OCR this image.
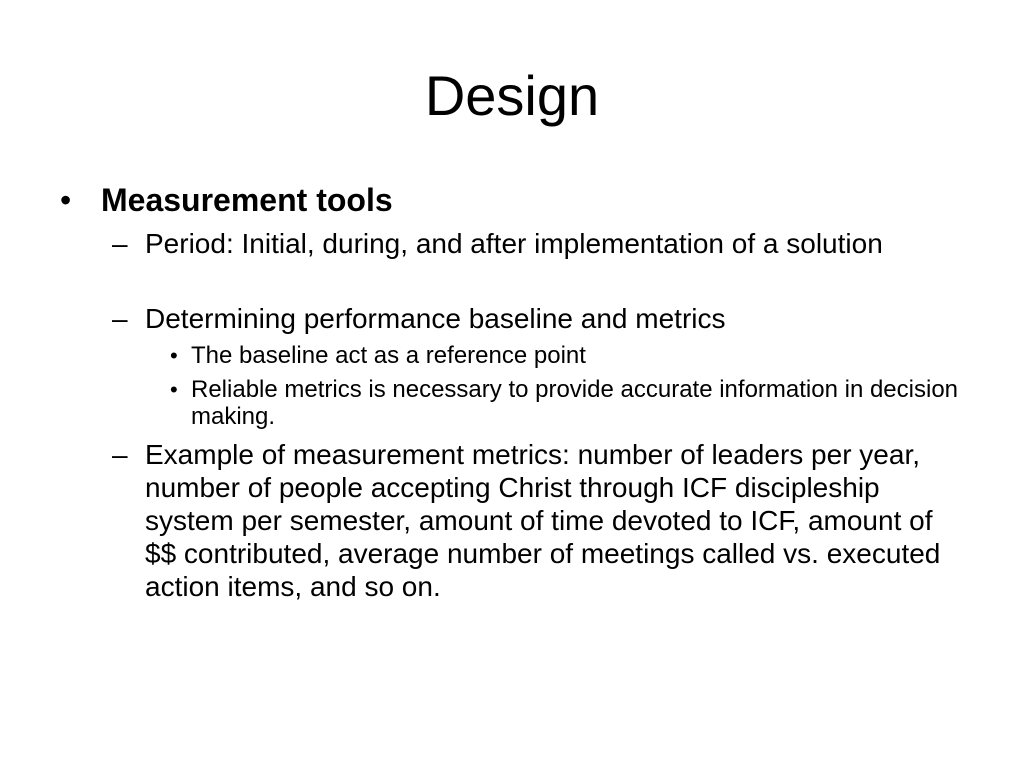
Design
• Measurement tools
– Period: Initial, during, and after implementation of a solution
– Determining performance baseline and metrics
• The baseline act as a reference point
• Reliable metrics is necessary to provide accurate information in decision making.
– Example of measurement metrics: number of leaders per year, number of people accepting Christ through ICF discipleship system per semester, amount of time devoted to ICF, amount of $$ contributed, average number of meetings called vs. executed action items, and so on.
